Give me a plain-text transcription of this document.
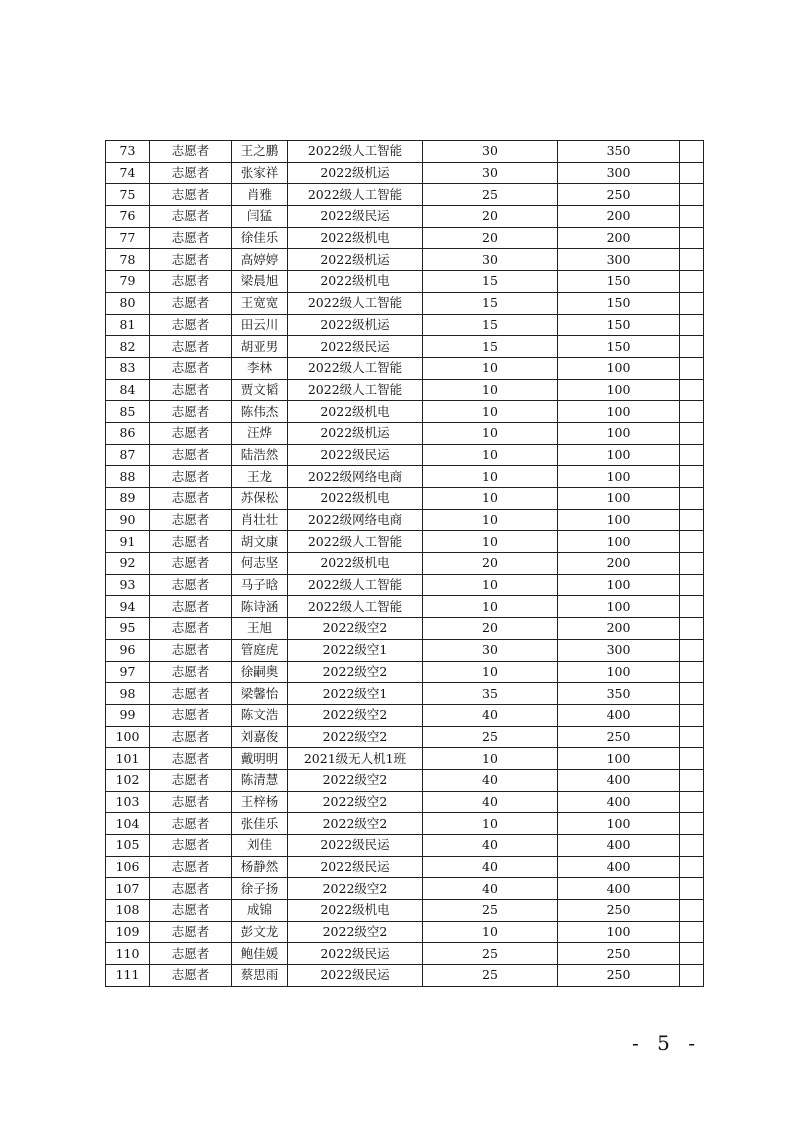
73	志愿者	王之鹏	2022级人工智能	30	350	
74	志愿者	张家祥	2022级机运	30	300	
75	志愿者	肖雅	2022级人工智能	25	250	
76	志愿者	闫猛	2022级民运	20	200	
77	志愿者	徐佳乐	2022级机电	20	200	
78	志愿者	高婷婷	2022级机运	30	300	
79	志愿者	梁晨旭	2022级机电	15	150	
80	志愿者	王宽宽	2022级人工智能	15	150	
81	志愿者	田云川	2022级机运	15	150	
82	志愿者	胡亚男	2022级民运	15	150	
83	志愿者	李林	2022级人工智能	10	100	
84	志愿者	贾文韬	2022级人工智能	10	100	
85	志愿者	陈伟杰	2022级机电	10	100	
86	志愿者	汪烨	2022级机运	10	100	
87	志愿者	陆浩然	2022级民运	10	100	
88	志愿者	王龙	2022级网络电商	10	100	
89	志愿者	苏保松	2022级机电	10	100	
90	志愿者	肖壮壮	2022级网络电商	10	100	
91	志愿者	胡文康	2022级人工智能	10	100	
92	志愿者	何志坚	2022级机电	20	200	
93	志愿者	马子晗	2022级人工智能	10	100	
94	志愿者	陈诗涵	2022级人工智能	10	100	
95	志愿者	王旭	2022级空2	20	200	
96	志愿者	管庭虎	2022级空1	30	300	
97	志愿者	徐嗣奥	2022级空2	10	100	
98	志愿者	梁馨怡	2022级空1	35	350	
99	志愿者	陈文浩	2022级空2	40	400	
100	志愿者	刘嘉俊	2022级空2	25	250	
101	志愿者	戴明明	2021级无人机1班	10	100	
102	志愿者	陈清慧	2022级空2	40	400	
103	志愿者	王梓杨	2022级空2	40	400	
104	志愿者	张佳乐	2022级空2	10	100	
105	志愿者	刘佳	2022级民运	40	400	
106	志愿者	杨静然	2022级民运	40	400	
107	志愿者	徐子扬	2022级空2	40	400	
108	志愿者	成锦	2022级机电	25	250	
109	志愿者	彭文龙	2022级空2	10	100	
110	志愿者	鲍佳媛	2022级民运	25	250	
111	志愿者	蔡思雨	2022级民运	25	250	
- 5 -
